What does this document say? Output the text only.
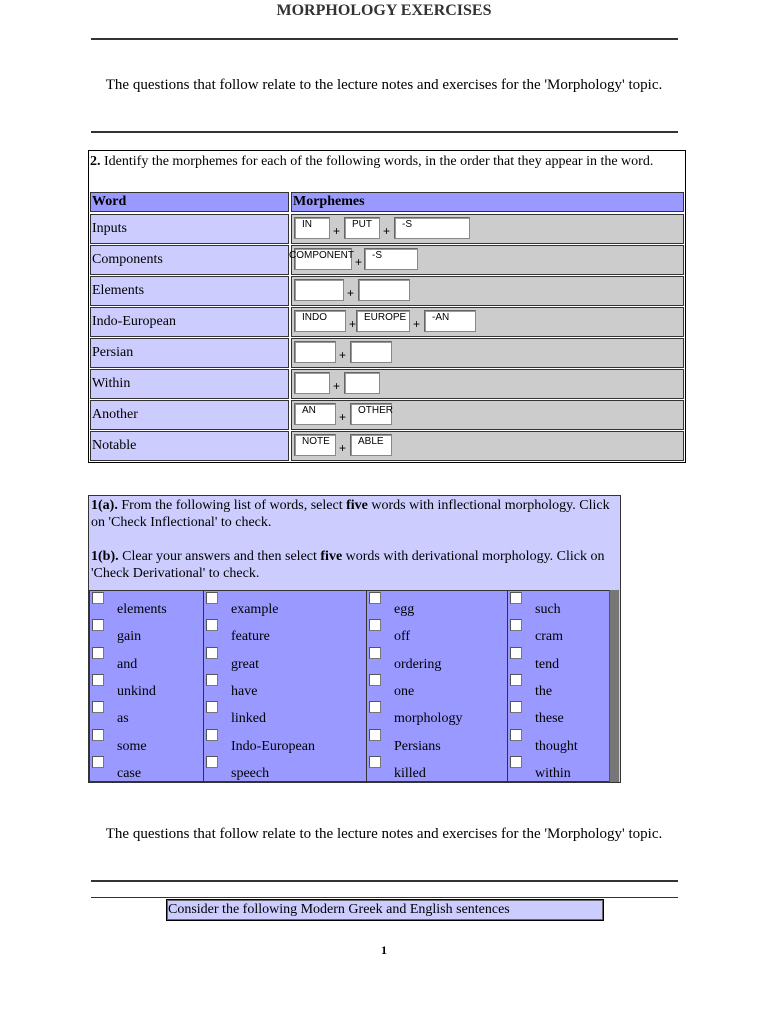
MORPHOLOGY EXERCISES
The questions that follow relate to the lecture notes and exercises for the 'Morphology' topic.
2. Identify the morphemes for each of the following words, in the order that they appear in the word.
Word	Morphemes
Inputs	IN	+	PUT +	-S
Components	COMPONENT + -S
Elements	+
Indo-European	INDO	+ EUROPE +	-AN
Persian	+
Within	+
Another	AN	+	OTHER
Notable	NOTE +	ABLE

1(a). From the following list of words, select five words with inflectional morphology. Click on 'Check Inflectional' to check.

1(b). Clear your answers and then select five words with derivational morphology. Click on 'Check Derivational' to check.

elements
gain
and
unkind
as
some
case
example
feature
great
have
linked
Indo-European
speech
egg
off
ordering
one
morphology
Persians
killed
such
cram
tend
the
these
thought
within
The questions that follow relate to the lecture notes and exercises for the 'Morphology' topic.
Consider the following Modern Greek and English sentences
1
